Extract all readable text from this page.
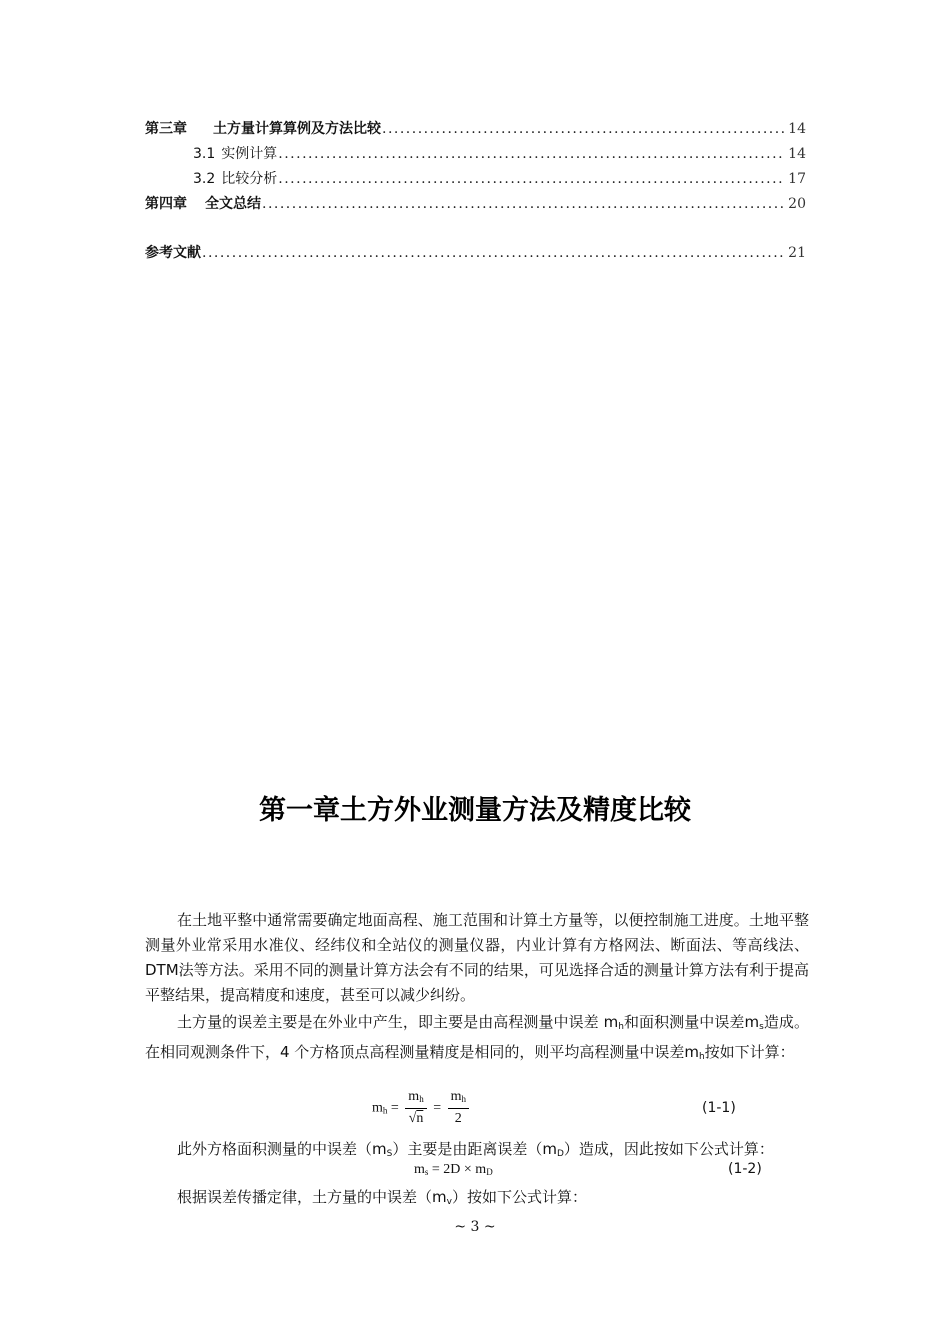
第三章 土方量计算算例及方法比较 .....	14
3.1 实例计算 .....	14
3.2 比较分析 .....	17
第四章 全文总结 .....	20
参考文献 .....	21
第一章土方外业测量方法及精度比较
在土地平整中通常需要确定地面高程、施工范围和计算土方量等，以便控制施工进度。土地平整测量外业常采用水准仪、经纬仪和全站仪的测量仪器，内业计算有方格网法、断面法、等高线法、DTM法等方法。采用不同的测量计算方法会有不同的结果，可见选择合适的测量计算方法有利于提高平整结果，提高精度和速度，甚至可以减少纠纷。
土方量的误差主要是在外业中产生，即主要是由高程测量中误差 $m_h$和面积测量中误差$m_s$造成。在相同观测条件下，4 个方格顶点高程测量精度是相同的，则平均高程测量中误差$m_h$按如下计算：
$m_h = \frac{m_h}{√n} = \frac{m_h}{2}$	(1-1)
此外方格面积测量的中误差$(m_S)$主要是由距离误差$(m_D)$造成，因此按如下公式计算：
$m_s = 2D \times m_D$	(1-2)
根据误差传播定律，土方量的中误差$(m_v)$按如下公式计算：
~ 3 ~
